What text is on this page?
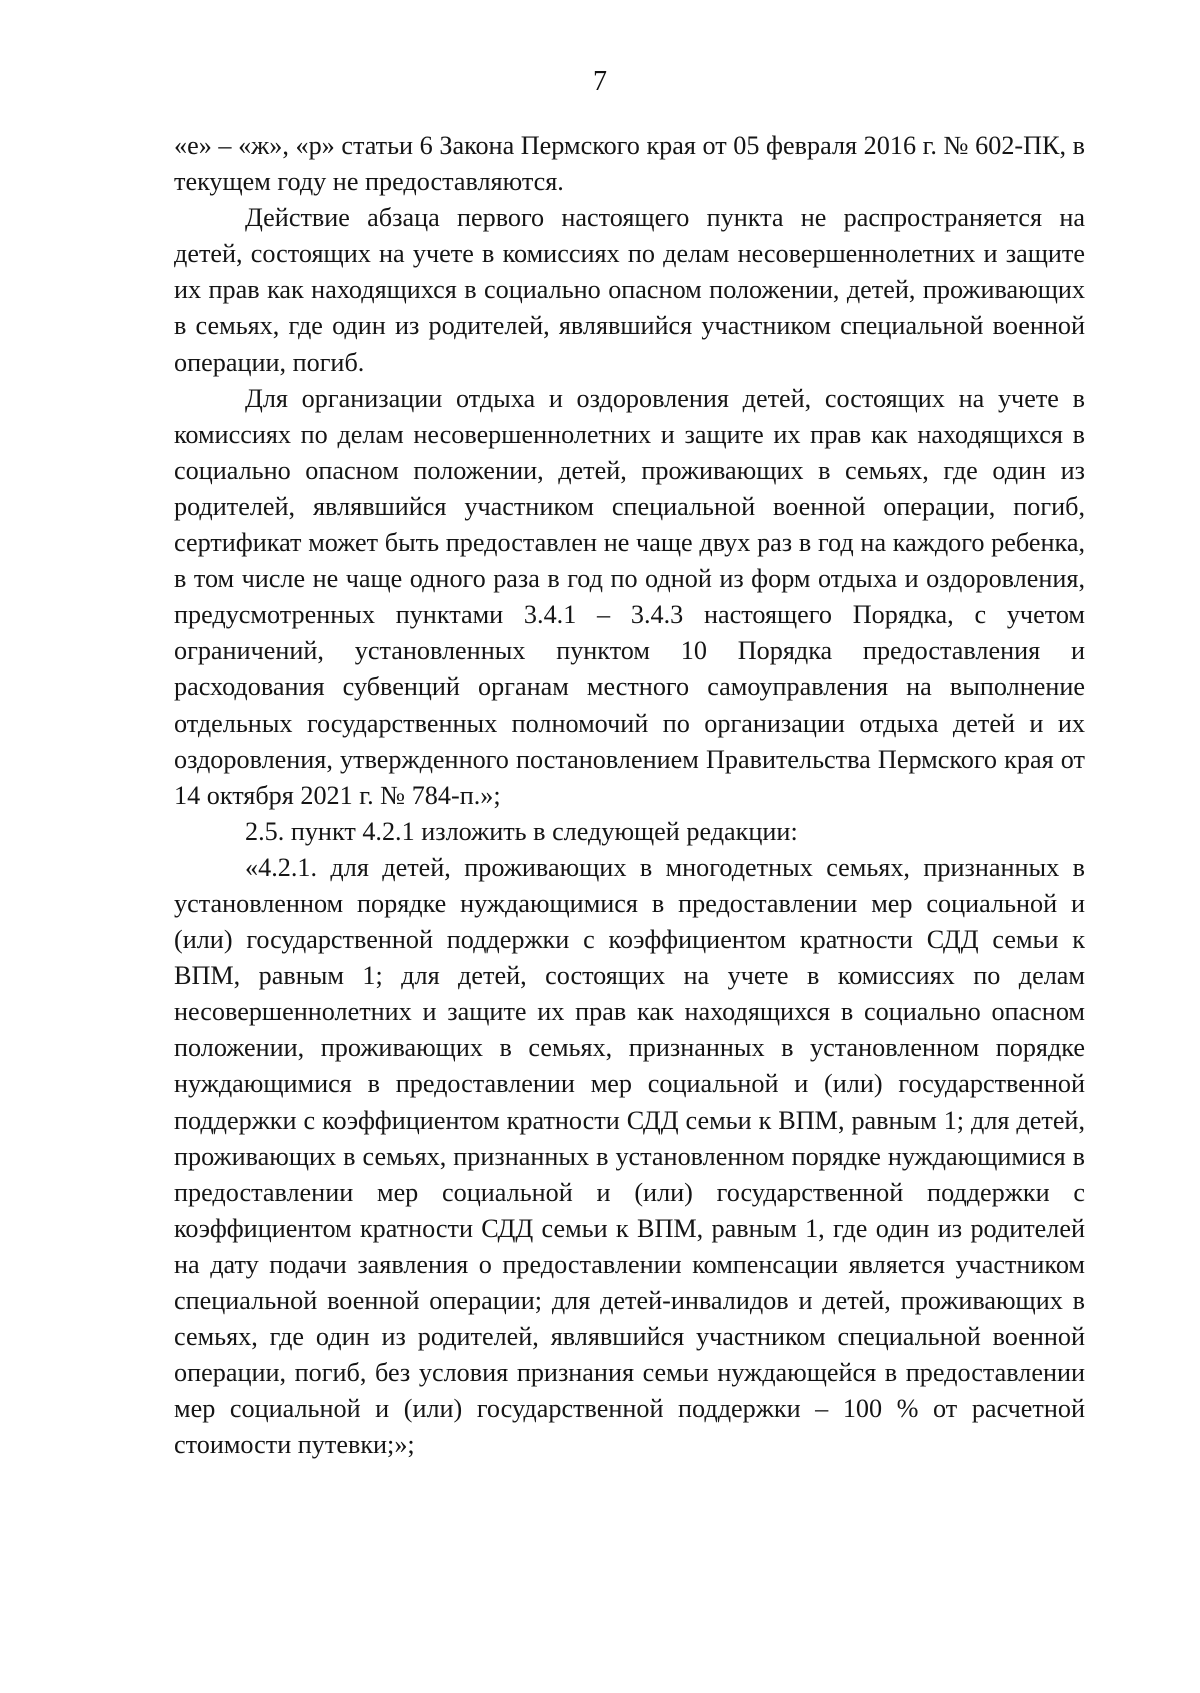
7

«е» – «ж», «р» статьи 6 Закона Пермского края от 05 февраля 2016 г. № 602-ПК, в текущем году не предоставляются.

Действие абзаца первого настоящего пункта не распространяется на детей, состоящих на учете в комиссиях по делам несовершеннолетних и защите их прав как находящихся в социально опасном положении, детей, проживающих в семьях, где один из родителей, являвшийся участником специальной военной операции, погиб.

Для организации отдыха и оздоровления детей, состоящих на учете в комиссиях по делам несовершеннолетних и защите их прав как находящихся в социально опасном положении, детей, проживающих в семьях, где один из родителей, являвшийся участником специальной военной операции, погиб, сертификат может быть предоставлен не чаще двух раз в год на каждого ребенка, в том числе не чаще одного раза в год по одной из форм отдыха и оздоровления, предусмотренных пунктами 3.4.1 – 3.4.3 настоящего Порядка, с учетом ограничений, установленных пунктом 10 Порядка предоставления и расходования субвенций органам местного самоуправления на выполнение отдельных государственных полномочий по организации отдыха детей и их оздоровления, утвержденного постановлением Правительства Пермского края от 14 октября 2021 г. № 784-п.»;

2.5. пункт 4.2.1 изложить в следующей редакции:

«4.2.1. для детей, проживающих в многодетных семьях, признанных в установленном порядке нуждающимися в предоставлении мер социальной и (или) государственной поддержки с коэффициентом кратности СДД семьи к ВПМ, равным 1; для детей, состоящих на учете в комиссиях по делам несовершеннолетних и защите их прав как находящихся в социально опасном положении, проживающих в семьях, признанных в установленном порядке нуждающимися в предоставлении мер социальной и (или) государственной поддержки с коэффициентом кратности СДД семьи к ВПМ, равным 1; для детей, проживающих в семьях, признанных в установленном порядке нуждающимися в предоставлении мер социальной и (или) государственной поддержки с коэффициентом кратности СДД семьи к ВПМ, равным 1, где один из родителей на дату подачи заявления о предоставлении компенсации является участником специальной военной операции; для детей-инвалидов и детей, проживающих в семьях, где один из родителей, являвшийся участником специальной военной операции, погиб, без условия признания семьи нуждающейся в предоставлении мер социальной и (или) государственной поддержки – 100 % от расчетной стоимости путевки;»;
